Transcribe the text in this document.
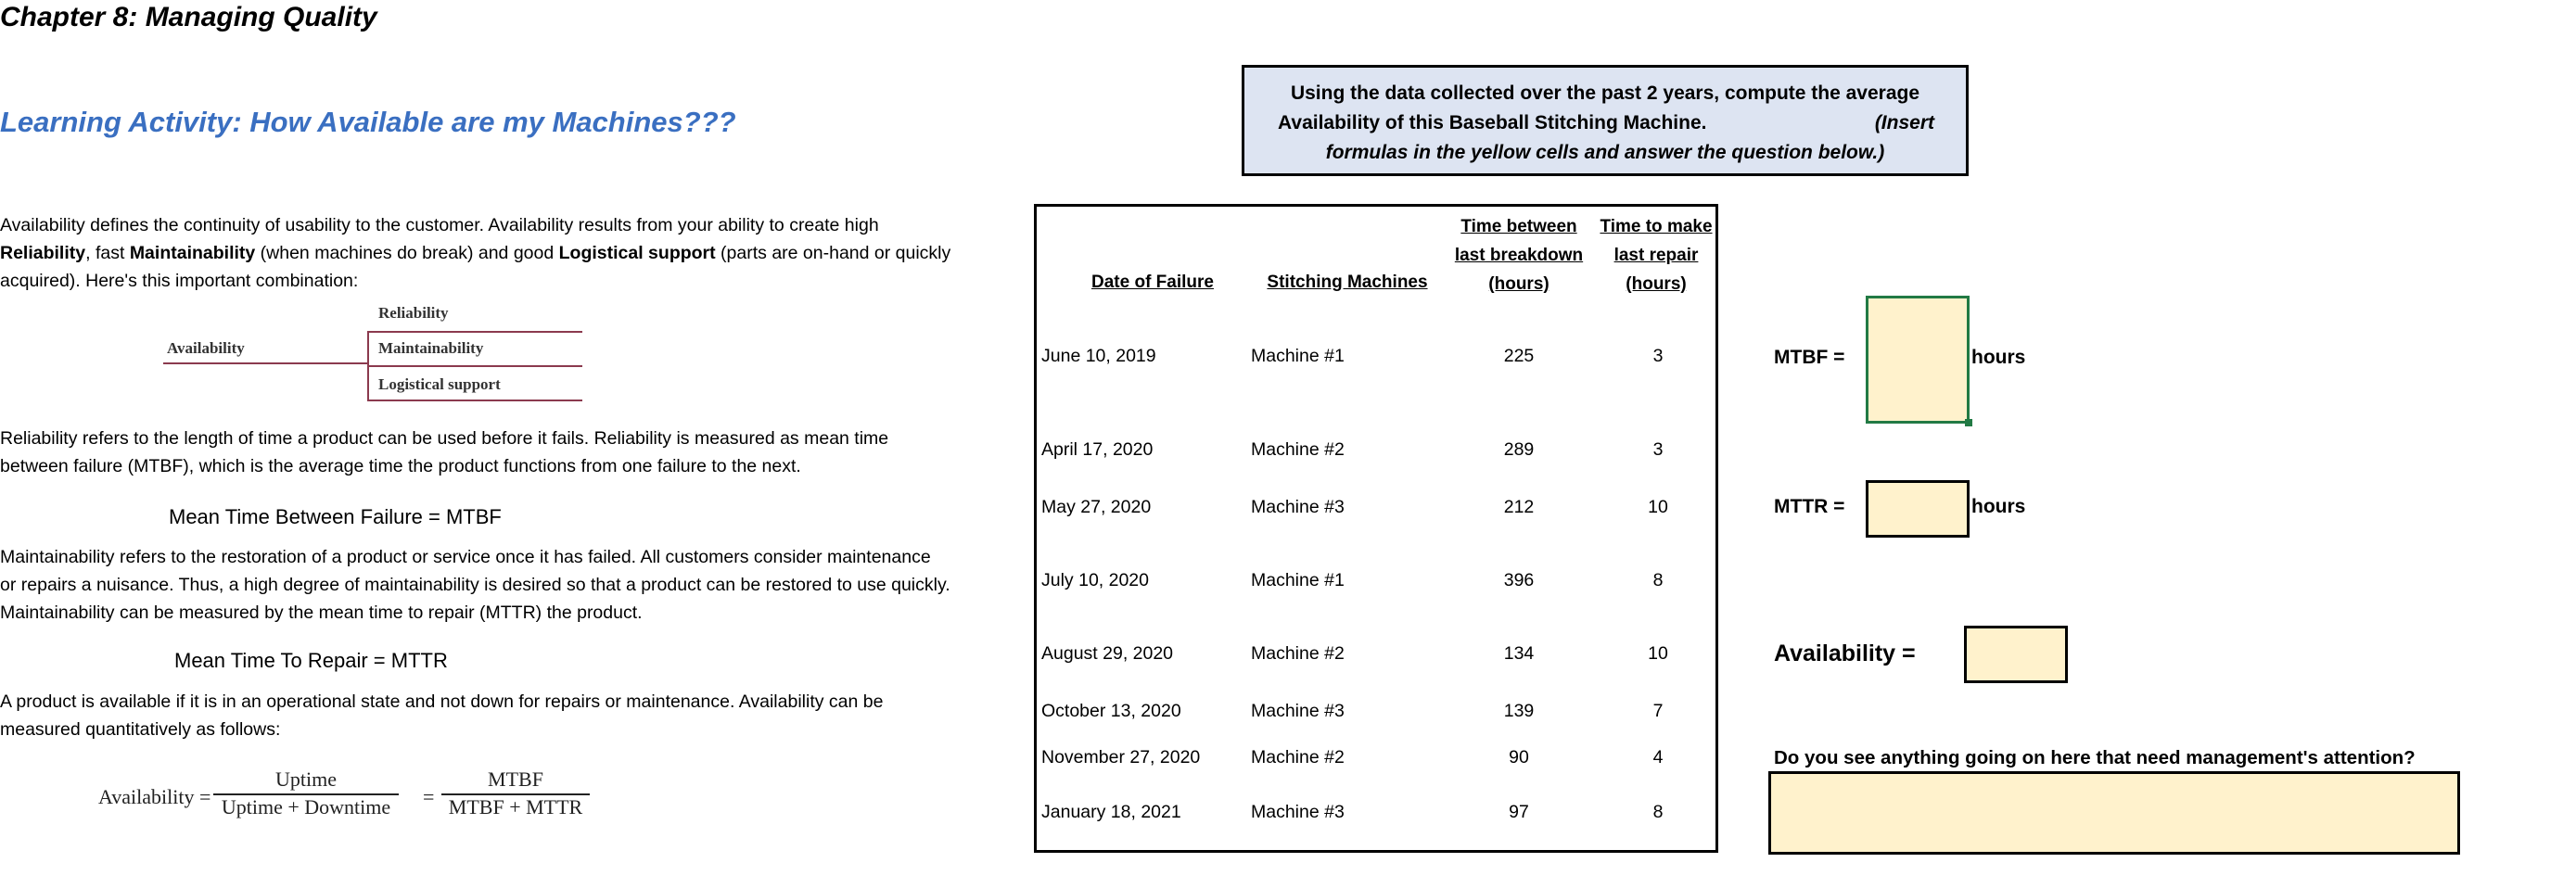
Chapter 8: Managing Quality
Learning Activity: How Available are my Machines???
Availability defines the continuity of usability to the customer. Availability results from your ability to create high
Reliability, fast Maintainability (when machines do break) and good Logistical support (parts are on-hand or quickly
acquired). Here's this important combination:
Reliability
Availability	Maintainability
Logistical support
Reliability refers to the length of time a product can be used before it fails. Reliability is measured as mean time
between failure (MTBF), which is the average time the product functions from one failure to the next.
Mean Time Between Failure = MTBF
Maintainability refers to the restoration of a product or service once it has failed. All customers consider maintenance
or repairs a nuisance. Thus, a high degree of maintainability is desired so that a product can be restored to use quickly.
Maintainability can be measured by the mean time to repair (MTTR) the product.
Mean Time To Repair = MTTR
A product is available if it is in an operational state and not down for repairs or maintenance. Availability can be
measured quantitatively as follows:
Availability =
Uptime
Uptime + Downtime	=
MTBF
MTBF + MTTR
Using the data collected over the past 2 years, compute the average
Availability of this Baseball Stitching Machine.	(Insert
formulas in the yellow cells and answer the question below.)
Date of Failure	Stitching Machines
Time between
last breakdown
(hours)
Time to make
last repair
(hours)
June 10, 2019	Machine #1	225	3
April 17, 2020	Machine #2	289	3
May 27, 2020	Machine #3	212	10
July 10, 2020	Machine #1	396	8
August 29, 2020	Machine #2	134	10
October 13, 2020	Machine #3	139	7
November 27, 2020	Machine #2	90	4
January 18, 2021	Machine #3	97	8
MTBF =	hours
MTTR =	hours
Availability =
Do you see anything going on here that need management's attention?
